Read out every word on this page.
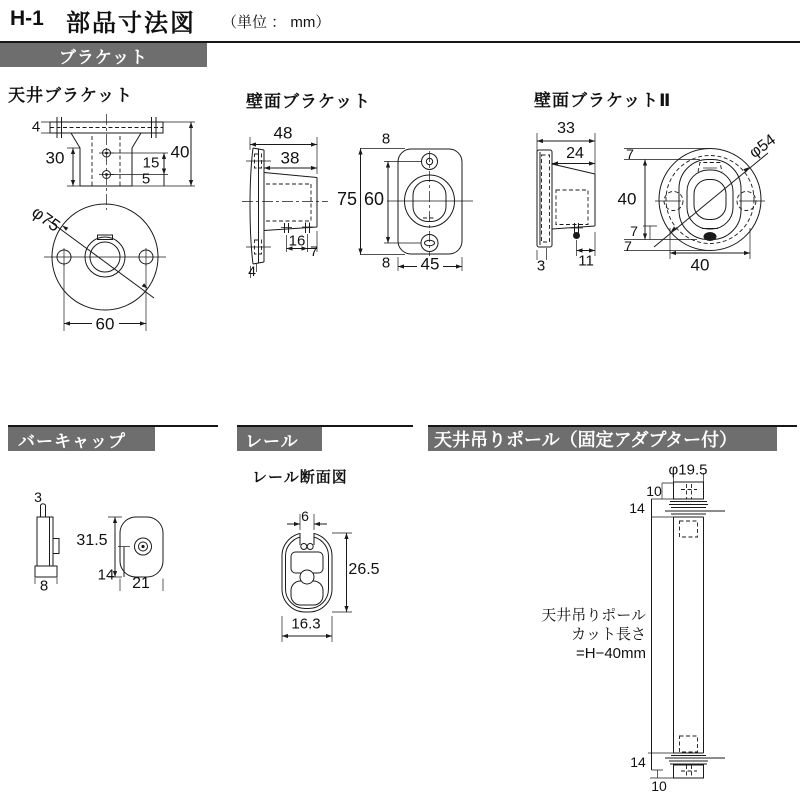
H-1 部品寸法図 （単位 ： mm）
ブラケット
バーキャップ	レール	天井吊りポール（固定アダプター付）
天井ブラケット	壁面ブラケット	壁面ブラケットⅡ
レール断面図
4
30	40
15
5
φ75
60
48
38
16
7
4
8
75 60
8 45
33
24
3 11
7
40
7
7
40
φ54
3
8
31.5
14 21
6
26.5
16.3
φ19.5
10
14
14
10
天井吊りポール
カット長さ
=H−40mm
